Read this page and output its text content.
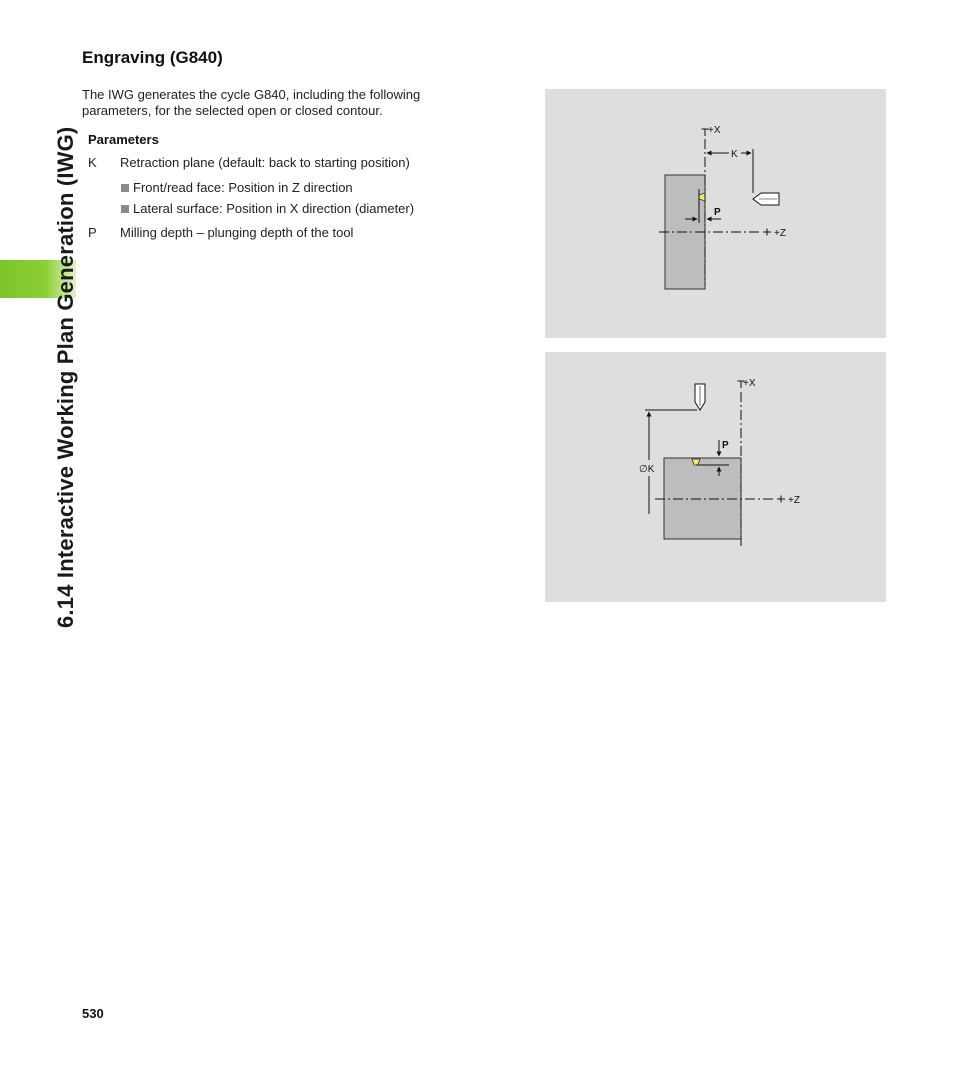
6.14 Interactive Working Plan Generation (IWG)
Engraving (G840)

The IWG generates the cycle G840, including the following parameters, for the selected open or closed contour.

Parameters

K	Retraction plane (default: back to starting position)
Front/read face: Position in Z direction
Lateral surface: Position in X direction (diameter)
P	Milling depth – plunging depth of the tool
+X
+Z
K
P
+X
+Z
∅K
P
530
